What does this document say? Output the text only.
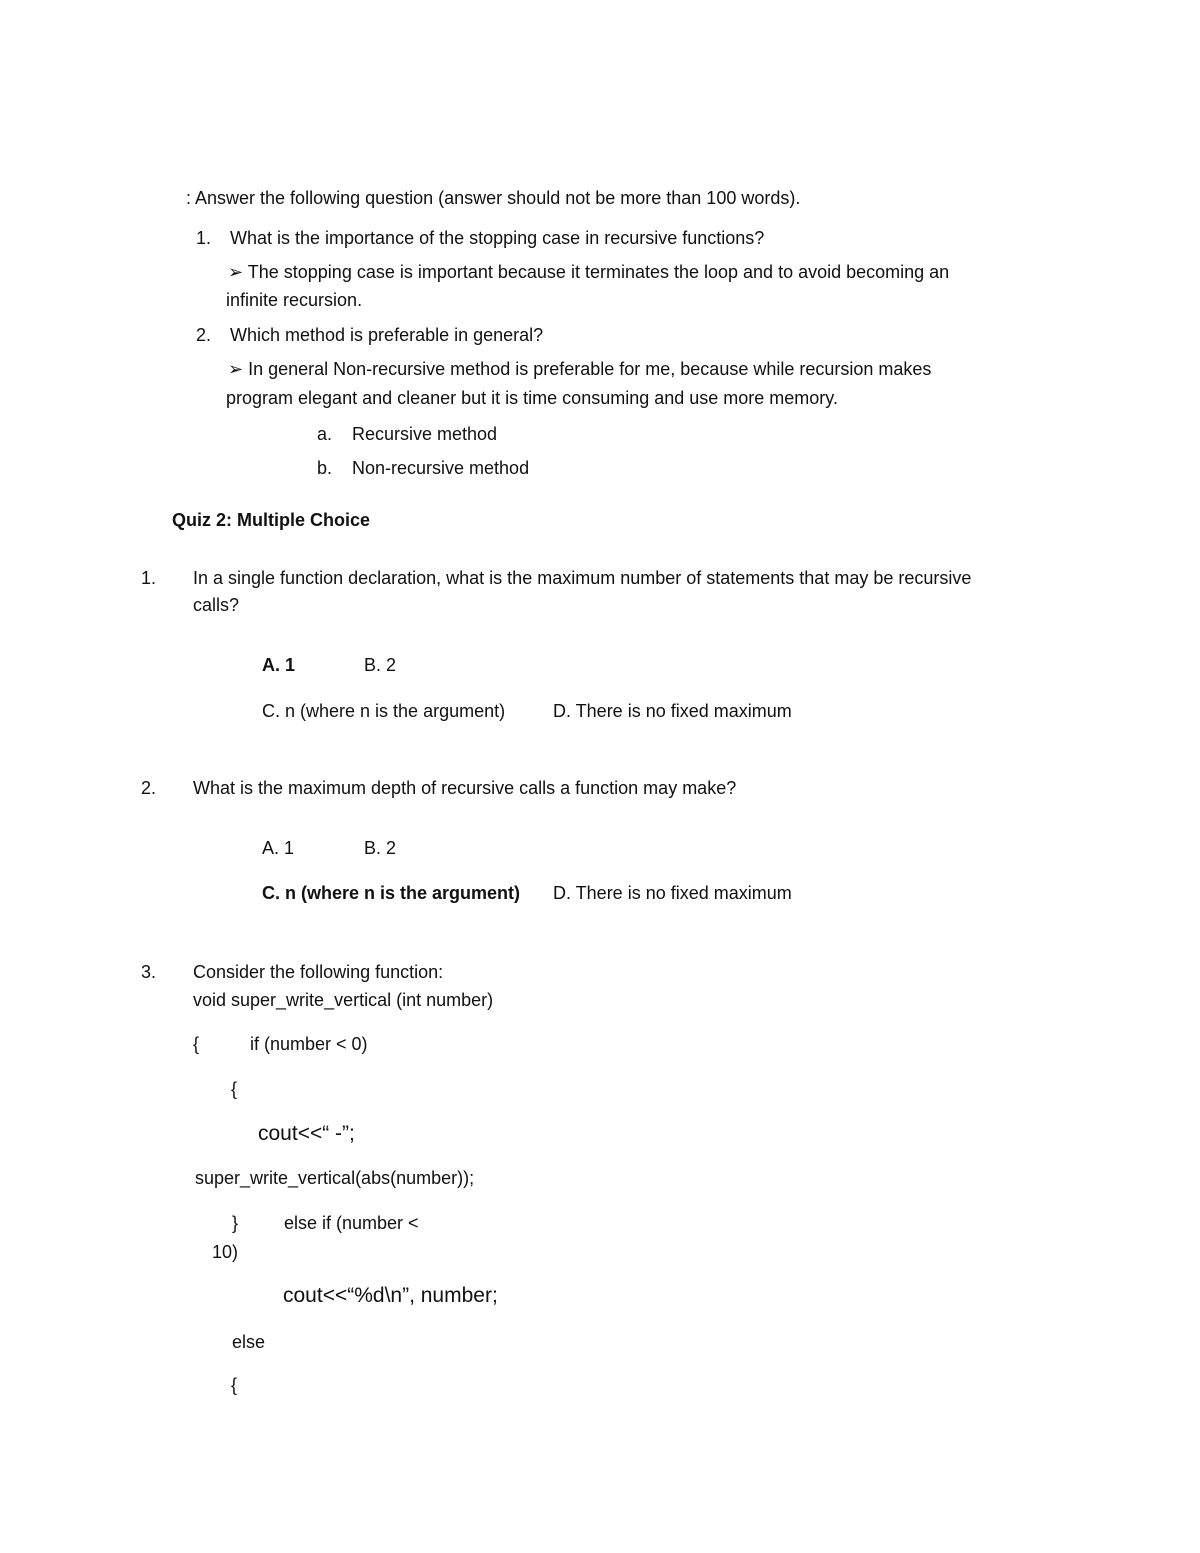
: Answer the following question (answer should not be more than 100 words).
1. What is the importance of the stopping case in recursive functions?
➢ The stopping case is important because it terminates the loop and to avoid becoming an
infinite recursion.
2. Which method is preferable in general?
➢ In general Non-recursive method is preferable for me, because while recursion makes
program elegant and cleaner but it is time consuming and use more memory.
a. Recursive method
b. Non-recursive method
Quiz 2: Multiple Choice
1. In a single function declaration, what is the maximum number of statements that may be recursive
calls?
A. 1	B. 2
C. n (where n is the argument)	D. There is no fixed maximum
2. What is the maximum depth of recursive calls a function may make?
A. 1	B. 2
C. n (where n is the argument) D. There is no fixed maximum
3. Consider the following function:
void super_write_vertical (int number)
{	if (number < 0)
{
cout<<“ -”;
super_write_vertical(abs(number));
}	else if (number <
10)
cout<<“%d\n”, number;
else
{
